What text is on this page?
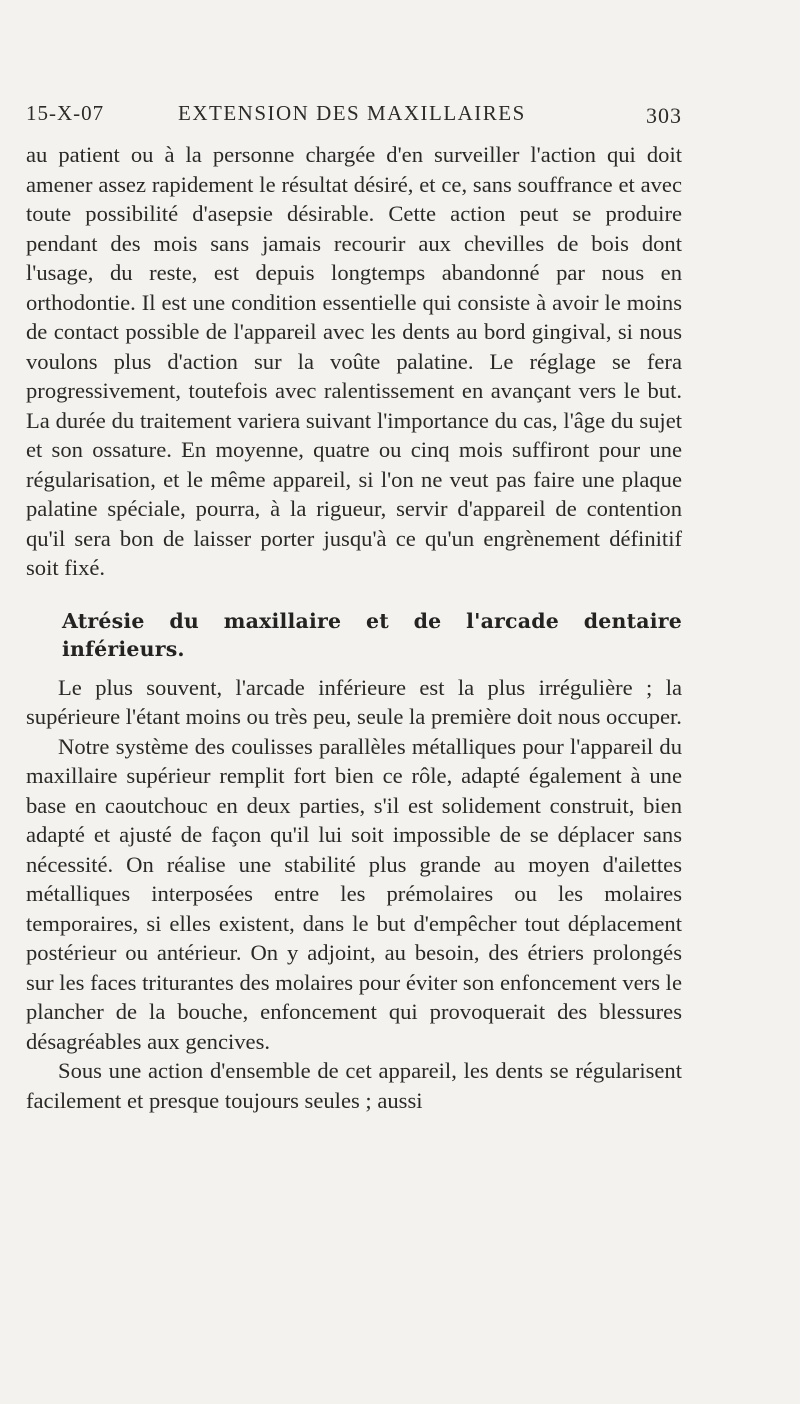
15-X-07	EXTENSION DES MAXILLAIRES	303

au patient ou à la personne chargée d'en surveiller l'action qui doit amener assez rapidement le résultat désiré, et ce, sans souffrance et avec toute possibilité d'asepsie désirable. Cette action peut se produire pendant des mois sans jamais recourir aux chevilles de bois dont l'usage, du reste, est depuis longtemps abandonné par nous en orthodontie. Il est une condition essentielle qui consiste à avoir le moins de contact possible de l'appareil avec les dents au bord gingival, si nous voulons plus d'action sur la voûte palatine. Le réglage se fera progressivement, toutefois avec ralentissement en avançant vers le but. La durée du traitement variera suivant l'importance du cas, l'âge du sujet et son ossature. En moyenne, quatre ou cinq mois suffiront pour une régularisation, et le même appareil, si l'on ne veut pas faire une plaque palatine spéciale, pourra, à la rigueur, servir d'appareil de contention qu'il sera bon de laisser porter jusqu'à ce qu'un engrènement définitif soit fixé.

Atrésie du maxillaire et de l'arcade dentaire inférieurs.

Le plus souvent, l'arcade inférieure est la plus irrégulière ; la supérieure l'étant moins ou très peu, seule la première doit nous occuper.

Notre système des coulisses parallèles métalliques pour l'appareil du maxillaire supérieur remplit fort bien ce rôle, adapté également à une base en caoutchouc en deux parties, s'il est solidement construit, bien adapté et ajusté de façon qu'il lui soit impossible de se déplacer sans nécessité. On réalise une stabilité plus grande au moyen d'ailettes métalliques interposées entre les prémolaires ou les molaires temporaires, si elles existent, dans le but d'empêcher tout déplacement postérieur ou antérieur. On y adjoint, au besoin, des étriers prolongés sur les faces triturantes des molaires pour éviter son enfoncement vers le plancher de la bouche, enfoncement qui provoquerait des blessures désagréables aux gencives.

Sous une action d'ensemble de cet appareil, les dents se régularisent facilement et presque toujours seules ; aussi
